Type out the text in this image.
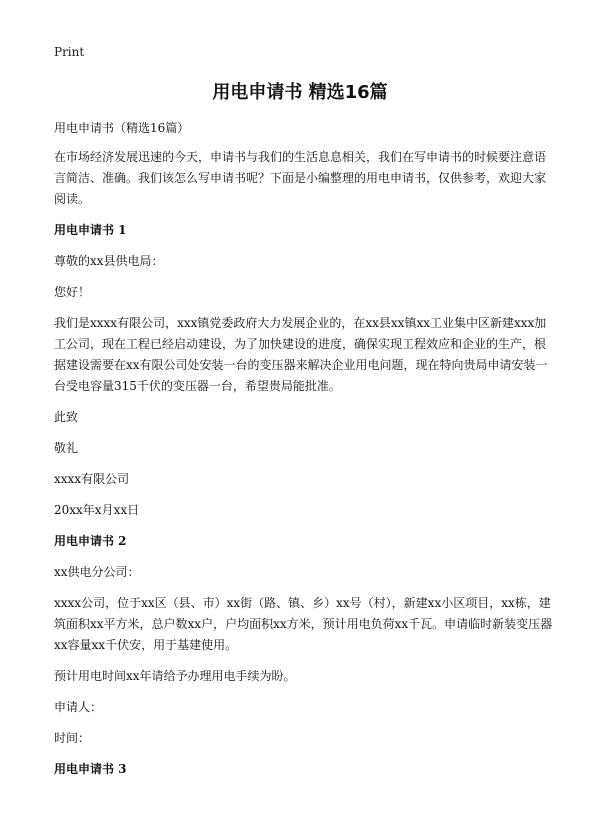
Print
用电申请书 精选16篇

用电申请书（精选16篇）

在市场经济发展迅速的今天，申请书与我们的生活息息相关，我们在写申请书的时候要注意语言简洁、准确。我们该怎么写申请书呢？下面是小编整理的用电申请书，仅供参考，欢迎大家阅读。

用电申请书 1

尊敬的xx县供电局：

您好！

我们是xxxx有限公司，xxx镇党委政府大力发展企业的，在xx县xx镇xx工业集中区新建xxx加工公司，现在工程已经启动建设，为了加快建设的进度，确保实现工程效应和企业的生产，根据建设需要在xx有限公司处安装一台的变压器来解决企业用电问题，现在特向贵局申请安装一台受电容量315千伏的变压器一台，希望贵局能批准。

此致

敬礼

xxxx有限公司

20xx年x月xx日

用电申请书 2

xx供电分公司：

xxxx公司，位于xx区（县、市）xx街（路、镇、乡）xx号（村），新建xx小区项目，xx栋，建筑面积xx平方米，总户数xx户，户均面积xx方米，预计用电负荷xx千瓦。申请临时新装变压器xx容量xx千伏安，用于基建使用。

预计用电时间xx年请给予办理用电手续为盼。

申请人：

时间：

用电申请书 3
